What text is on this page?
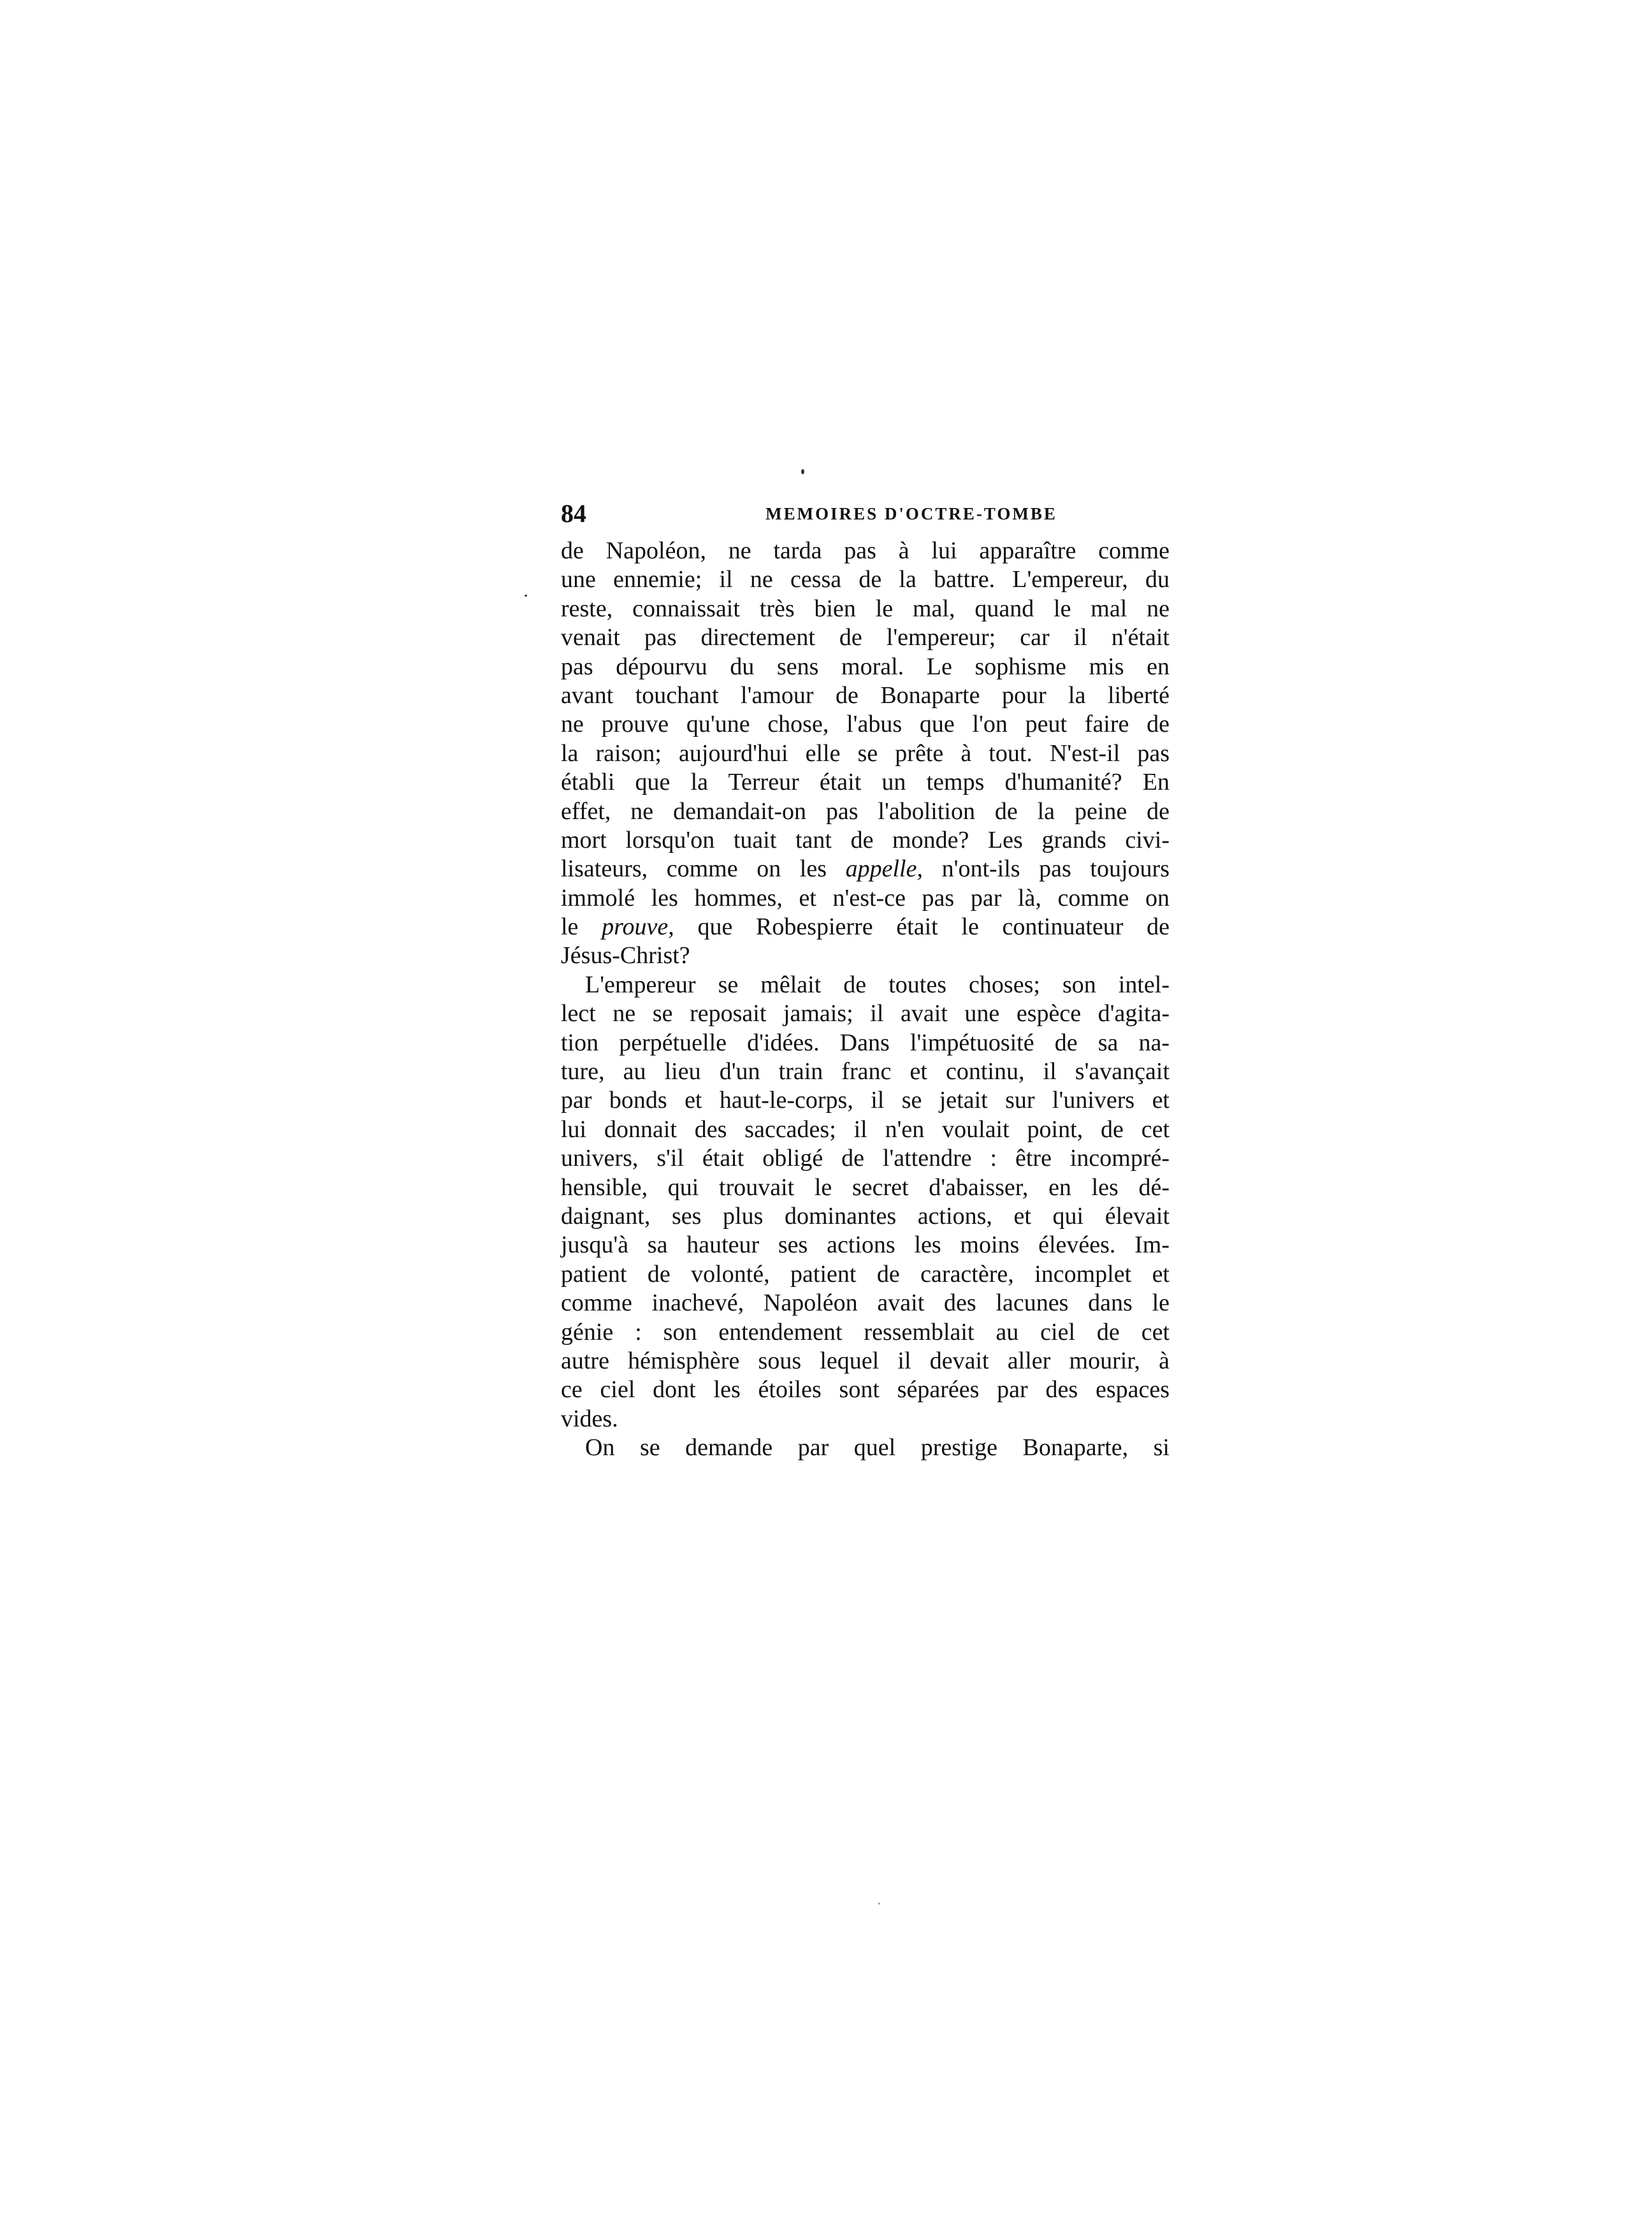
84	MEMOIRES D'OCTRE-TOMBE
de Napoléon, ne tarda pas à lui apparaître comme
une ennemie; il ne cessa de la battre. L'empereur, du
reste, connaissait très bien le mal, quand le mal ne
venait pas directement de l'empereur; car il n'était
pas dépourvu du sens moral. Le sophisme mis en
avant touchant l'amour de Bonaparte pour la liberté
ne prouve qu'une chose, l'abus que l'on peut faire de
la raison; aujourd'hui elle se prête à tout. N'est-il pas
établi que la Terreur était un temps d'humanité? En
effet, ne demandait-on pas l'abolition de la peine de
mort lorsqu'on tuait tant de monde? Les grands civi-
lisateurs, comme on les appelle, n'ont-ils pas toujours
immolé les hommes, et n'est-ce pas par là, comme on
le prouve, que Robespierre était le continuateur de
Jésus-Christ?
L'empereur se mêlait de toutes choses; son intel-
lect ne se reposait jamais; il avait une espèce d'agita-
tion perpétuelle d'idées. Dans l'impétuosité de sa na-
ture, au lieu d'un train franc et continu, il s'avançait
par bonds et haut-le-corps, il se jetait sur l'univers et
lui donnait des saccades; il n'en voulait point, de cet
univers, s'il était obligé de l'attendre : être incompré-
hensible, qui trouvait le secret d'abaisser, en les dé-
daignant, ses plus dominantes actions, et qui élevait
jusqu'à sa hauteur ses actions les moins élevées. Im-
patient de volonté, patient de caractère, incomplet et
comme inachevé, Napoléon avait des lacunes dans le
génie : son entendement ressemblait au ciel de cet
autre hémisphère sous lequel il devait aller mourir, à
ce ciel dont les étoiles sont séparées par des espaces
vides.
On se demande par quel prestige Bonaparte, si
